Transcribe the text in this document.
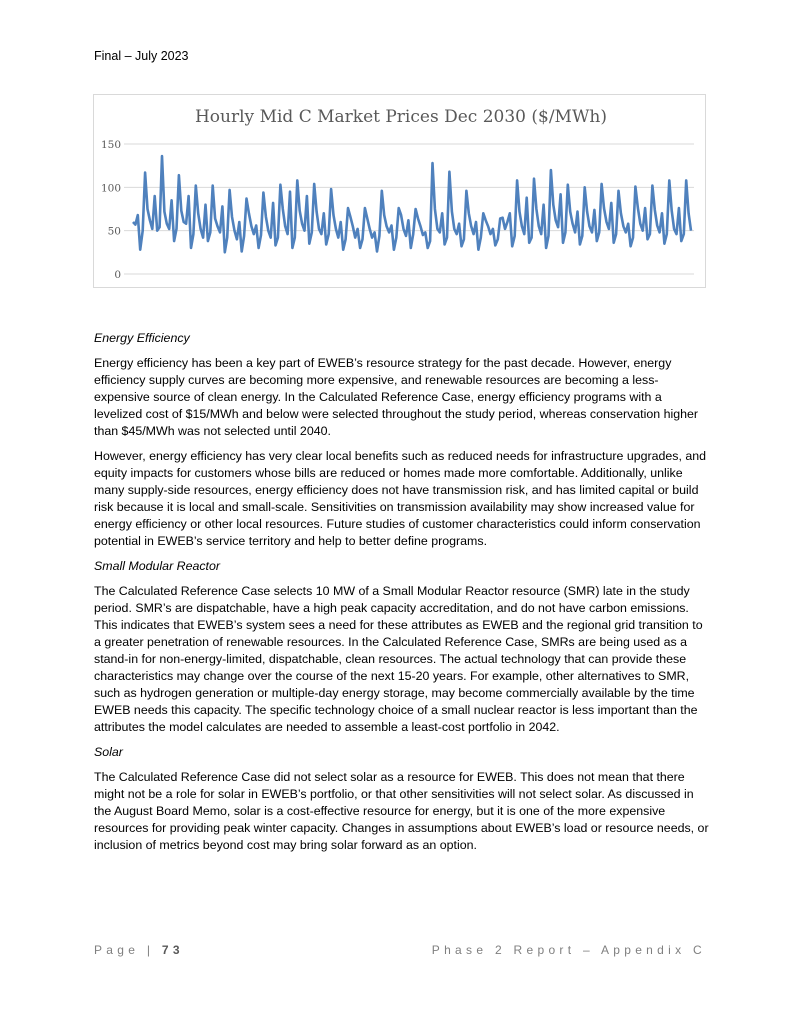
Final – July 2023
Hourly Mid C Market Prices Dec 2030 ($/MWh)
0
50
100
150

Energy Efficiency

Energy efficiency has been a key part of EWEB’s resource strategy for the past decade. However, energy efficiency supply curves are becoming more expensive, and renewable resources are becoming a less-expensive source of clean energy. In the Calculated Reference Case, energy efficiency programs with a levelized cost of $15/MWh and below were selected throughout the study period, whereas conservation higher than $45/MWh was not selected until 2040.

However, energy efficiency has very clear local benefits such as reduced needs for infrastructure upgrades, and equity impacts for customers whose bills are reduced or homes made more comfortable. Additionally, unlike many supply-side resources, energy efficiency does not have transmission risk, and has limited capital or build risk because it is local and small-scale. Sensitivities on transmission availability may show increased value for energy efficiency or other local resources. Future studies of customer characteristics could inform conservation potential in EWEB’s service territory and help to better define programs.

Small Modular Reactor

The Calculated Reference Case selects 10 MW of a Small Modular Reactor resource (SMR) late in the study period. SMR’s are dispatchable, have a high peak capacity accreditation, and do not have carbon emissions. This indicates that EWEB’s system sees a need for these attributes as EWEB and the regional grid transition to a greater penetration of renewable resources. In the Calculated Reference Case, SMRs are being used as a stand-in for non-energy-limited, dispatchable, clean resources. The actual technology that can provide these characteristics may change over the course of the next 15-20 years. For example, other alternatives to SMR, such as hydrogen generation or multiple-day energy storage, may become commercially available by the time EWEB needs this capacity. The specific technology choice of a small nuclear reactor is less important than the attributes the model calculates are needed to assemble a least-cost portfolio in 2042.

Solar

The Calculated Reference Case did not select solar as a resource for EWEB. This does not mean that there might not be a role for solar in EWEB’s portfolio, or that other sensitivities will not select solar. As discussed in the August Board Memo, solar is a cost-effective resource for energy, but it is one of the more expensive resources for providing peak winter capacity. Changes in assumptions about EWEB’s load or resource needs, or inclusion of metrics beyond cost may bring solar forward as an option.

Page | 73	Phase 2 Report – Appendix C
